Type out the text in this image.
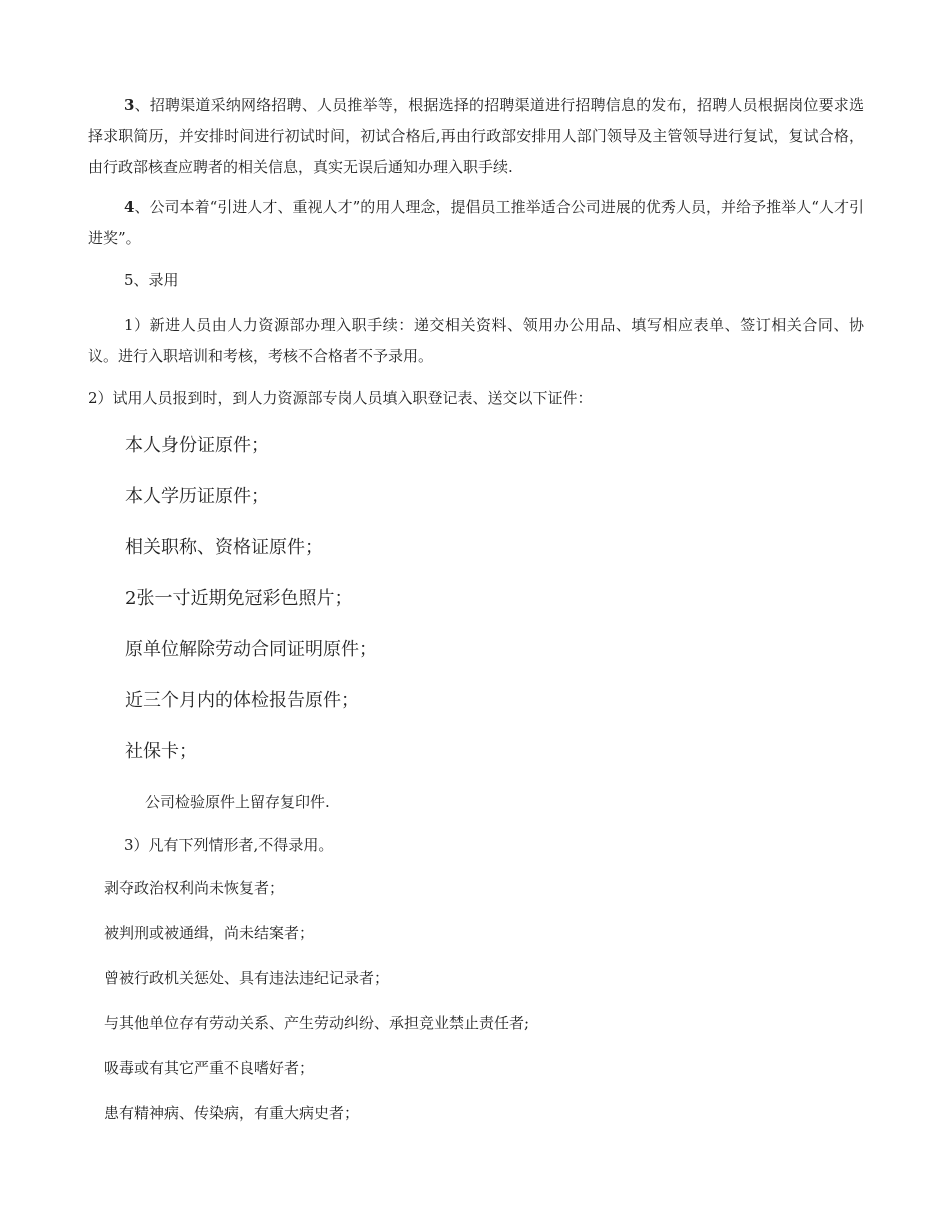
3、招聘渠道采纳网络招聘、人员推举等，根据选择的招聘渠道进行招聘信息的发布，招聘人员根据岗位要求选择求职简历，并安排时间进行初试时间，初试合格后,再由行政部安排用人部门领导及主管领导进行复试，复试合格，由行政部核查应聘者的相关信息，真实无误后通知办理入职手续.

4、公司本着“引进人才、重视人才”的用人理念，提倡员工推举适合公司进展的优秀人员，并给予推举人“人才引进奖”。

5、录用

1）新进人员由人力资源部办理入职手续：递交相关资料、领用办公用品、填写相应表单、签订相关合同、协议。进行入职培训和考核，考核不合格者不予录用。

2）试用人员报到时，到人力资源部专岗人员填入职登记表、送交以下证件：

本人身份证原件；

本人学历证原件；

相关职称、资格证原件；

2张一寸近期免冠彩色照片；

原单位解除劳动合同证明原件；

近三个月内的体检报告原件；

社保卡；

公司检验原件上留存复印件.

3）凡有下列情形者,不得录用。

剥夺政治权利尚未恢复者；

被判刑或被通缉，尚未结案者；

曾被行政机关惩处、具有违法违纪记录者；

与其他单位存有劳动关系、产生劳动纠纷、承担竞业禁止责任者;

吸毒或有其它严重不良嗜好者；

患有精神病、传染病，有重大病史者；
